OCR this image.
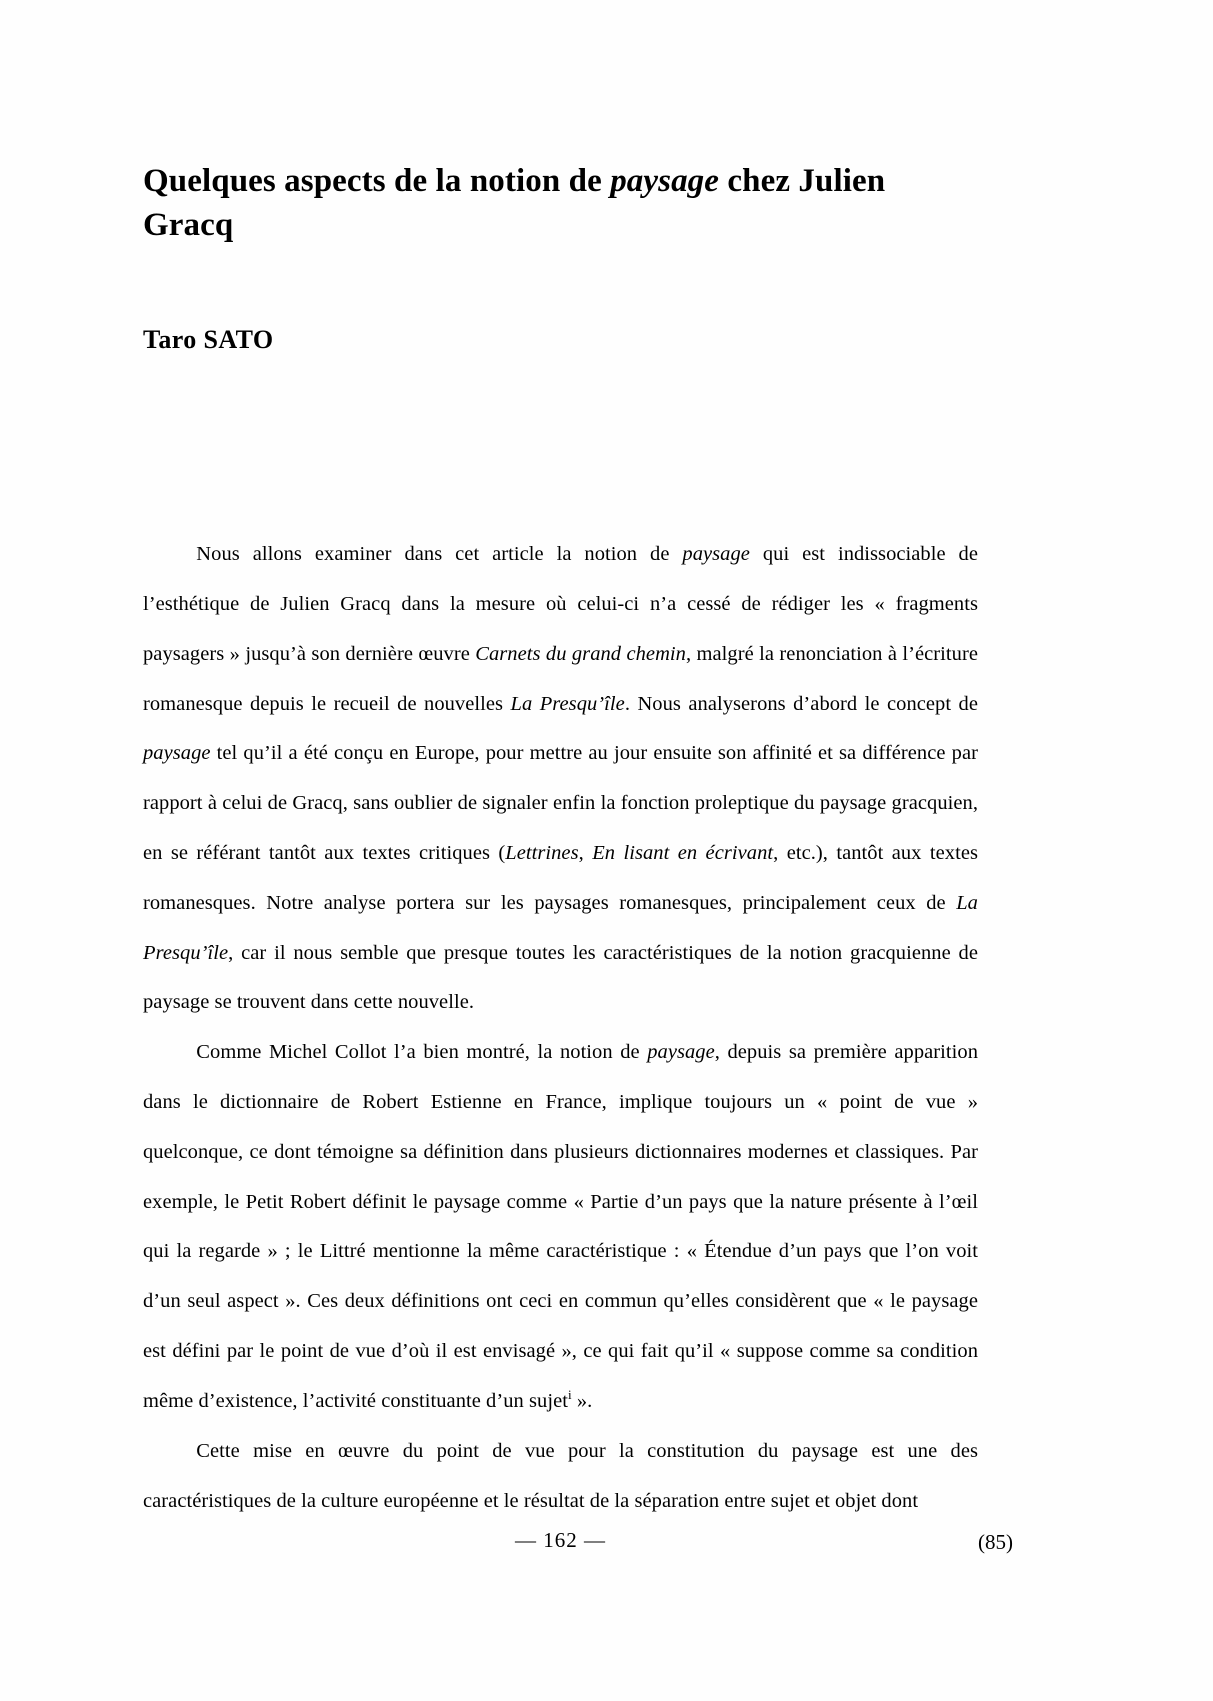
Quelques aspects de la notion de paysage chez Julien Gracq
Taro SATO

Nous allons examiner dans cet article la notion de paysage qui est indissociable de l’esthétique de Julien Gracq dans la mesure où celui-ci n’a cessé de rédiger les « fragments paysagers » jusqu’à son dernière œuvre Carnets du grand chemin, malgré la renonciation à l’écriture romanesque depuis le recueil de nouvelles La Presqu’île. Nous analyserons d’abord le concept de paysage tel qu’il a été conçu en Europe, pour mettre au jour ensuite son affinité et sa différence par rapport à celui de Gracq, sans oublier de signaler enfin la fonction proleptique du paysage gracquien, en se référant tantôt aux textes critiques (Lettrines, En lisant en écrivant, etc.), tantôt aux textes romanesques. Notre analyse portera sur les paysages romanesques, principalement ceux de La Presqu’île, car il nous semble que presque toutes les caractéristiques de la notion gracquienne de paysage se trouvent dans cette nouvelle.

Comme Michel Collot l’a bien montré, la notion de paysage, depuis sa première apparition dans le dictionnaire de Robert Estienne en France, implique toujours un « point de vue » quelconque, ce dont témoigne sa définition dans plusieurs dictionnaires modernes et classiques. Par exemple, le Petit Robert définit le paysage comme « Partie d’un pays que la nature présente à l’œil qui la regarde » ; le Littré mentionne la même caractéristique : « Étendue d’un pays que l’on voit d’un seul aspect ». Ces deux définitions ont ceci en commun qu’elles considèrent que « le paysage est défini par le point de vue d’où il est envisagé », ce qui fait qu’il « suppose comme sa condition même d’existence, l’activité constituante d’un sujet$^i$ ».

Cette mise en œuvre du point de vue pour la constitution du paysage est une des caractéristiques de la culture européenne et le résultat de la séparation entre sujet et objet dont

— 162 —	(85)
